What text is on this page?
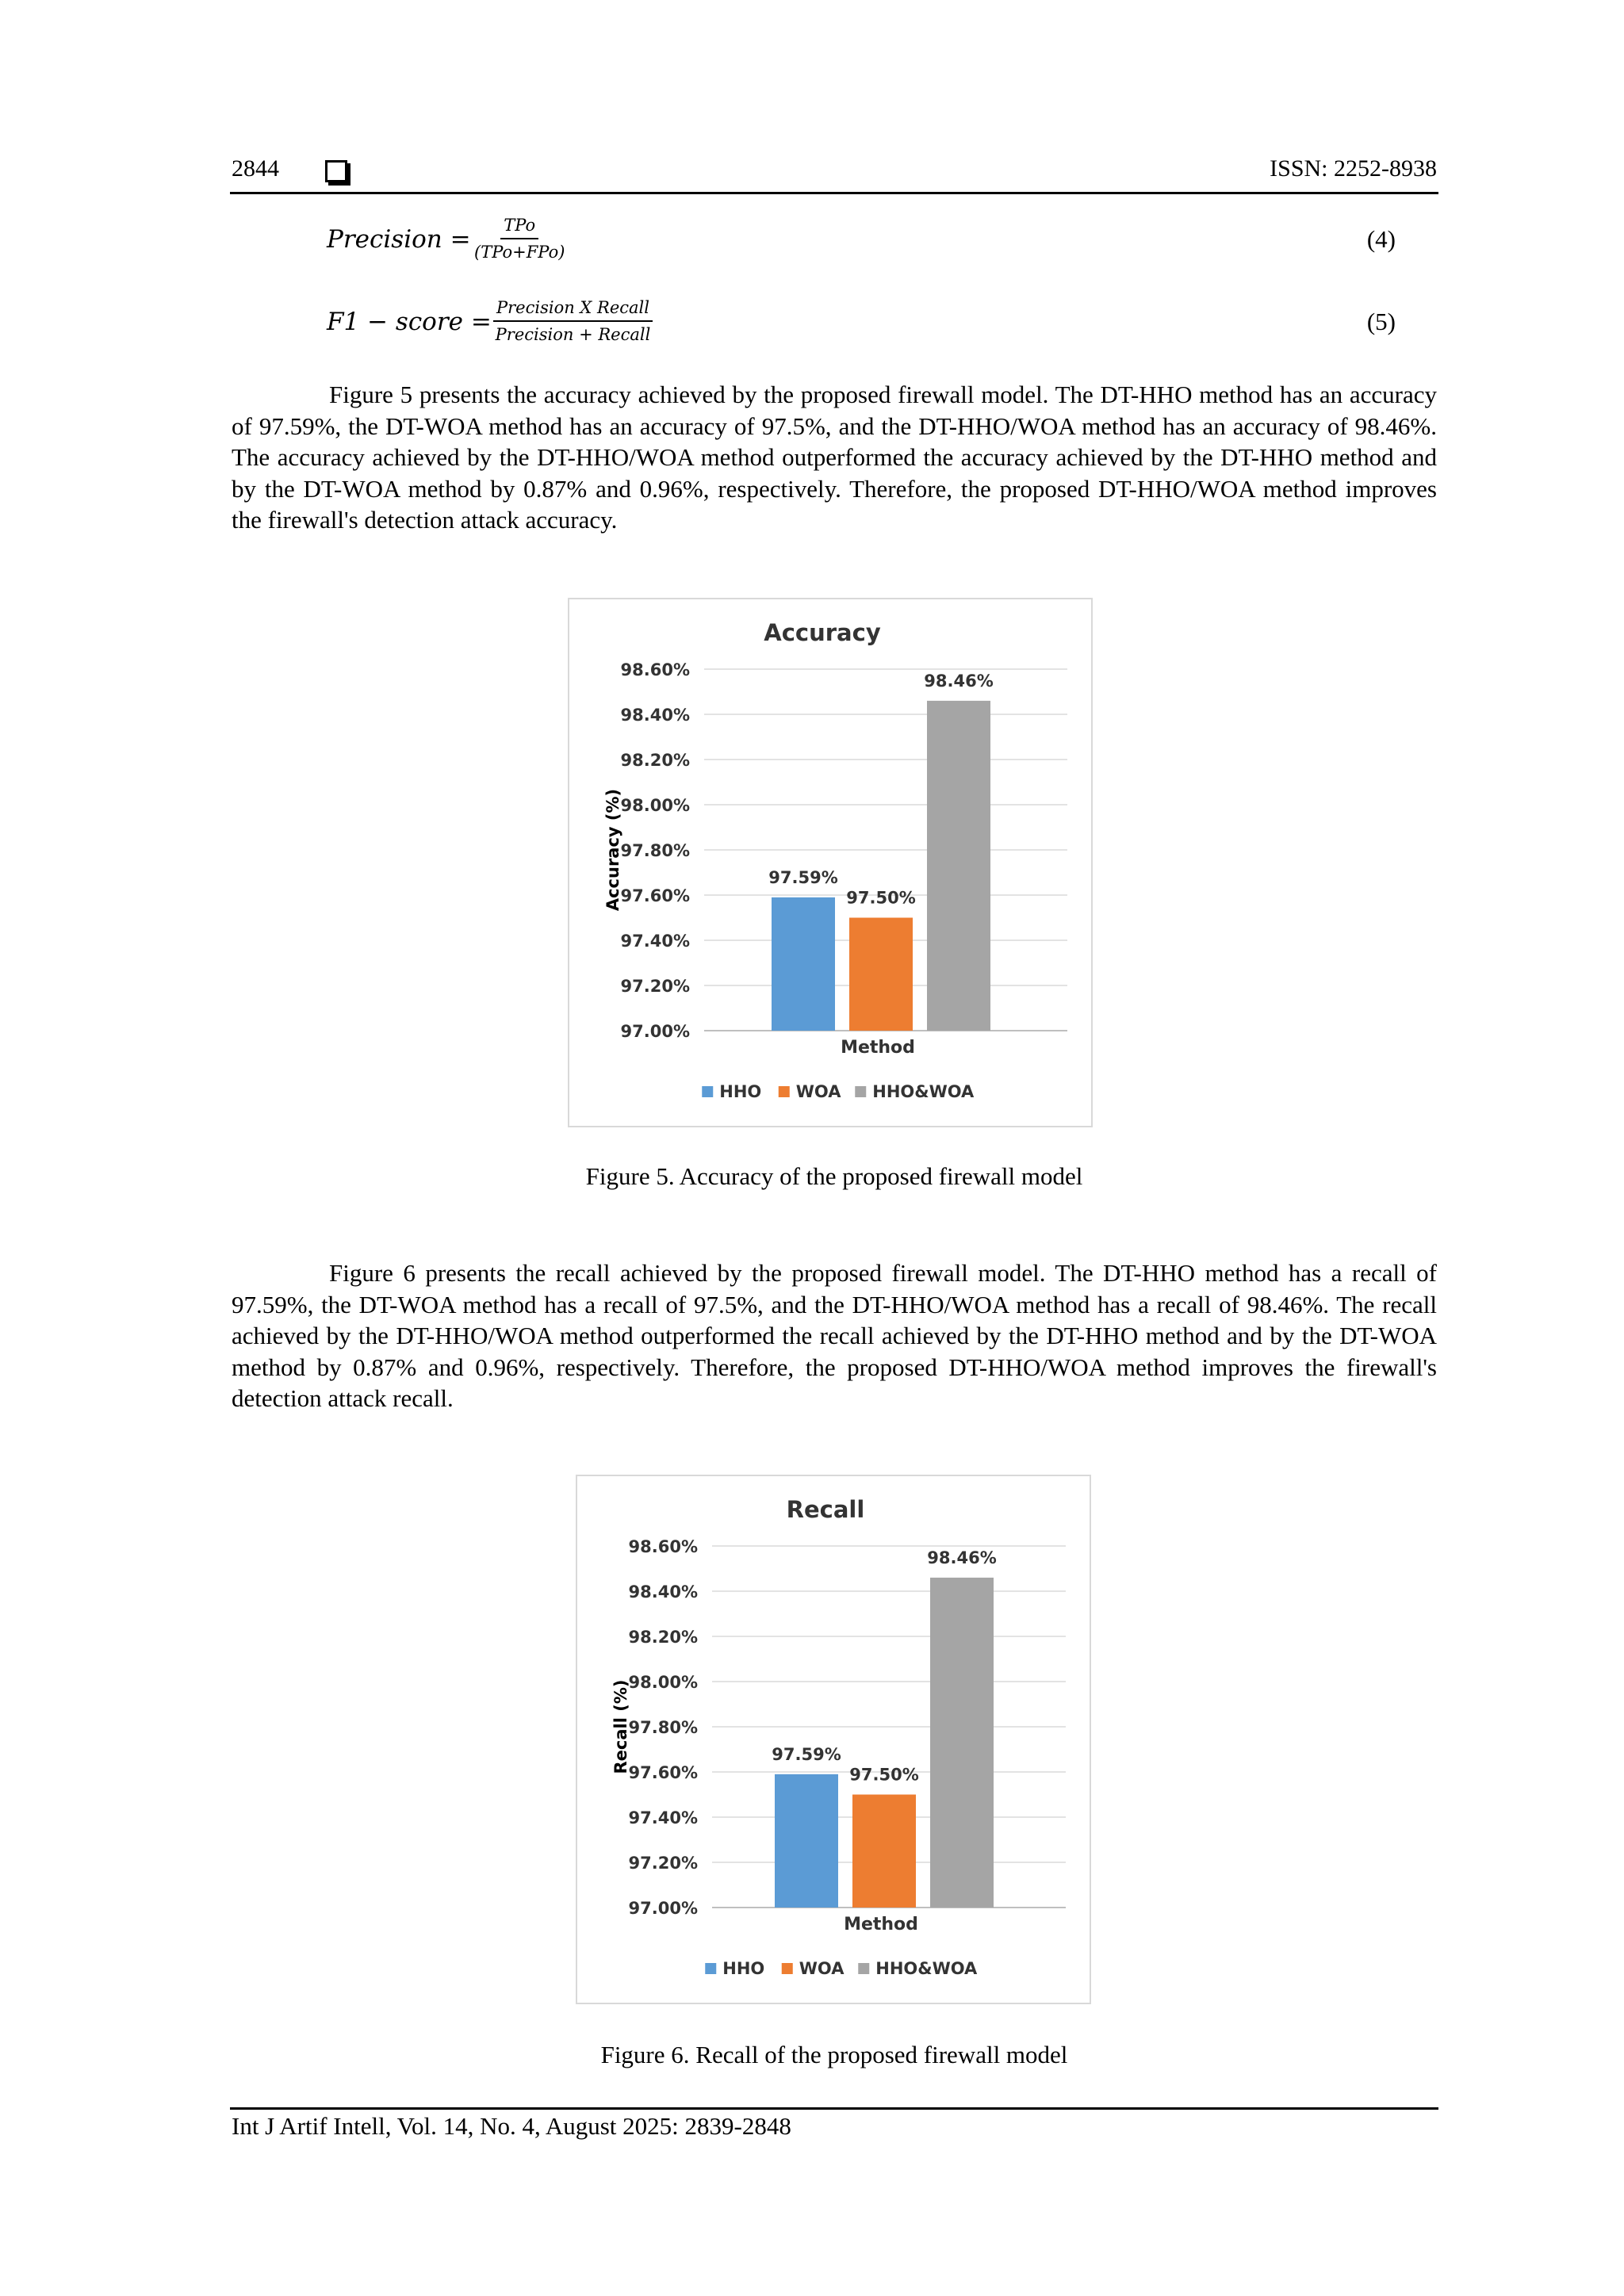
2844	ISSN: 2252-8938
Precision = TPo
(TPo+FPo)	(4)
F1 − score = Precision X Recall
Precision + Recall	(5)

Figure 5 presents the accuracy achieved by the proposed firewall model. The DT-HHO method has an accuracy of 97.59%, the DT-WOA method has an accuracy of 97.5%, and the DT-HHO/WOA method has an accuracy of 98.46%. The accuracy achieved by the DT-HHO/WOA method outperformed the accuracy achieved by the DT-HHO method and by the DT-WOA method by 0.87% and 0.96%, respectively. Therefore, the proposed DT-HHO/WOA method improves the firewall's detection attack accuracy.

Accuracy
97.00%
97.20%
97.40%
97.60%
97.80%
98.00%
98.20%
98.40%
98.60%
Accuracy (%)	97.59%
97.50%
98.46%
Method
HHO WOA HHO&WOA
Figure 5. Accuracy of the proposed firewall model

Figure 6 presents the recall achieved by the proposed firewall model. The DT-HHO method has a recall of 97.59%, the DT-WOA method has a recall of 97.5%, and the DT-HHO/WOA method has a recall of 98.46%. The recall achieved by the DT-HHO/WOA method outperformed the recall achieved by the DT-HHO method and by the DT-WOA method by 0.87% and 0.96%, respectively. Therefore, the proposed DT-HHO/WOA method improves the firewall's detection attack recall.

Recall
97.00%
97.20%
97.40%
97.60%
97.80%
98.00%
98.20%
98.40%
98.60%
Recall (%)	97.59%
97.50%
98.46%
Method
HHO WOA HHO&WOA
Figure 6. Recall of the proposed firewall model
Int J Artif Intell, Vol. 14, No. 4, August 2025: 2839-2848
